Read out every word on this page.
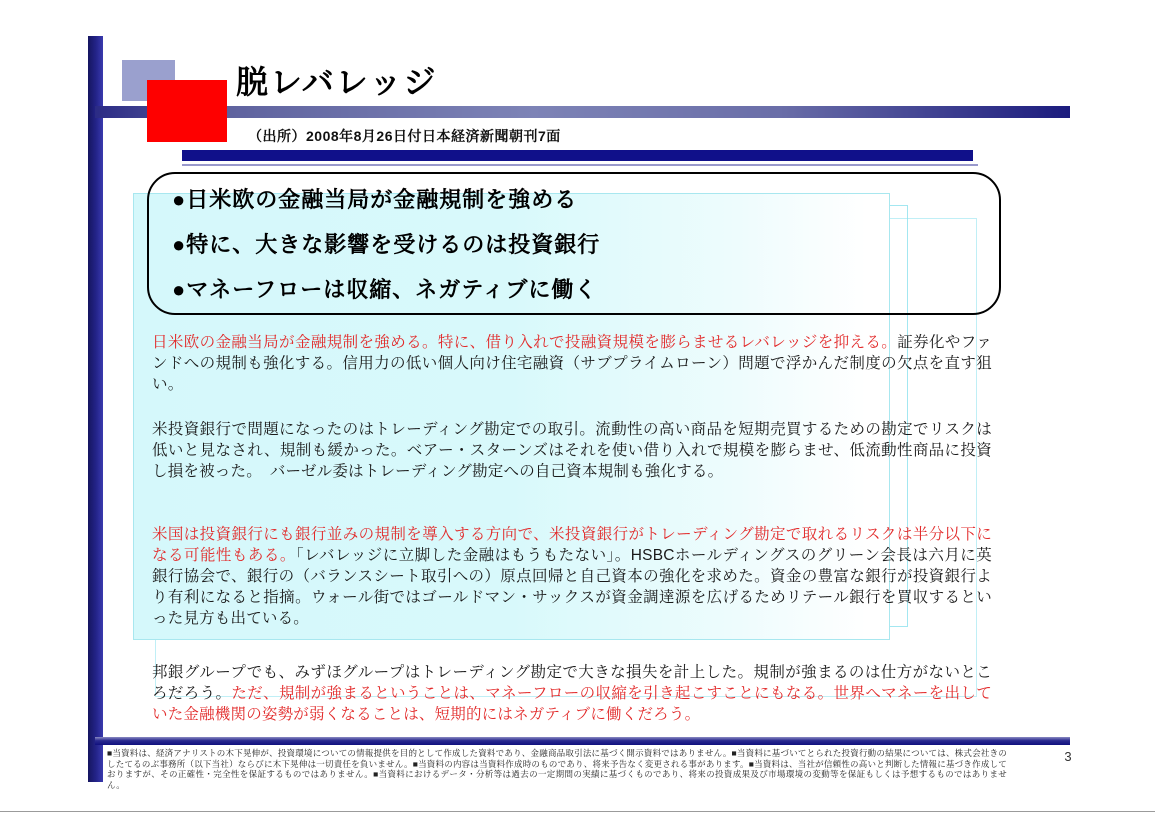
脱レバレッジ
（出所）2008年8月26日付日本経済新聞朝刊7面
●日米欧の金融当局が金融規制を強める
●特に、大きな影響を受けるのは投資銀行
●マネーフローは収縮、ネガティブに働く
日米欧の金融当局が金融規制を強める。特に、借り入れで投融資規模を膨らませるレバレッジを抑える。証券化やファンドへの規制も強化する。信用力の低い個人向け住宅融資（サブプライムローン）問題で浮かんだ制度の欠点を直す狙い。
米投資銀行で問題になったのはトレーディング勘定での取引。流動性の高い商品を短期売買するための勘定でリスクは低いと見なされ、規制も緩かった。ベアー・スターンズはそれを使い借り入れで規模を膨らませ、低流動性商品に投資し損を被った。　バーゼル委はトレーディング勘定への自己資本規制も強化する。
米国は投資銀行にも銀行並みの規制を導入する方向で、米投資銀行がトレーディング勘定で取れるリスクは半分以下になる可能性もある。「レバレッジに立脚した金融はもうもたない」。HSBCホールディングスのグリーン会長は六月に英銀行協会で、銀行の（バランスシート取引への）原点回帰と自己資本の強化を求めた。資金の豊富な銀行が投資銀行より有利になると指摘。ウォール街ではゴールドマン・サックスが資金調達源を広げるためリテール銀行を買収するといった見方も出ている。
邦銀グループでも、みずほグループはトレーディング勘定で大きな損失を計上した。規制が強まるのは仕方がないところだろう。ただ、規制が強まるということは、マネーフローの収縮を引き起こすことにもなる。世界へマネーを出していた金融機関の姿勢が弱くなることは、短期的にはネガティブに働くだろう。
■当資料は、経済アナリストの木下晃伸が、投資環境についての情報提供を目的として作成した資料であり、金融商品取引法に基づく開示資料ではありません。■当資料に基づいてとられた投資行動の結果については、株式会社きのしたてるのぶ事務所（以下当社）ならびに木下晃伸は一切責任を負いません。■当資料の内容は当資料作成時のものであり、将来予告なく変更される事があります。■当資料は、当社が信頼性の高いと判断した情報に基づき作成しておりますが、その正確性・完全性を保証するものではありません。■当資料におけるデータ・分析等は過去の一定期間の実績に基づくものであり、将来の投資成果及び市場環境の変動等を保証もしくは予想するものではありません。
3
